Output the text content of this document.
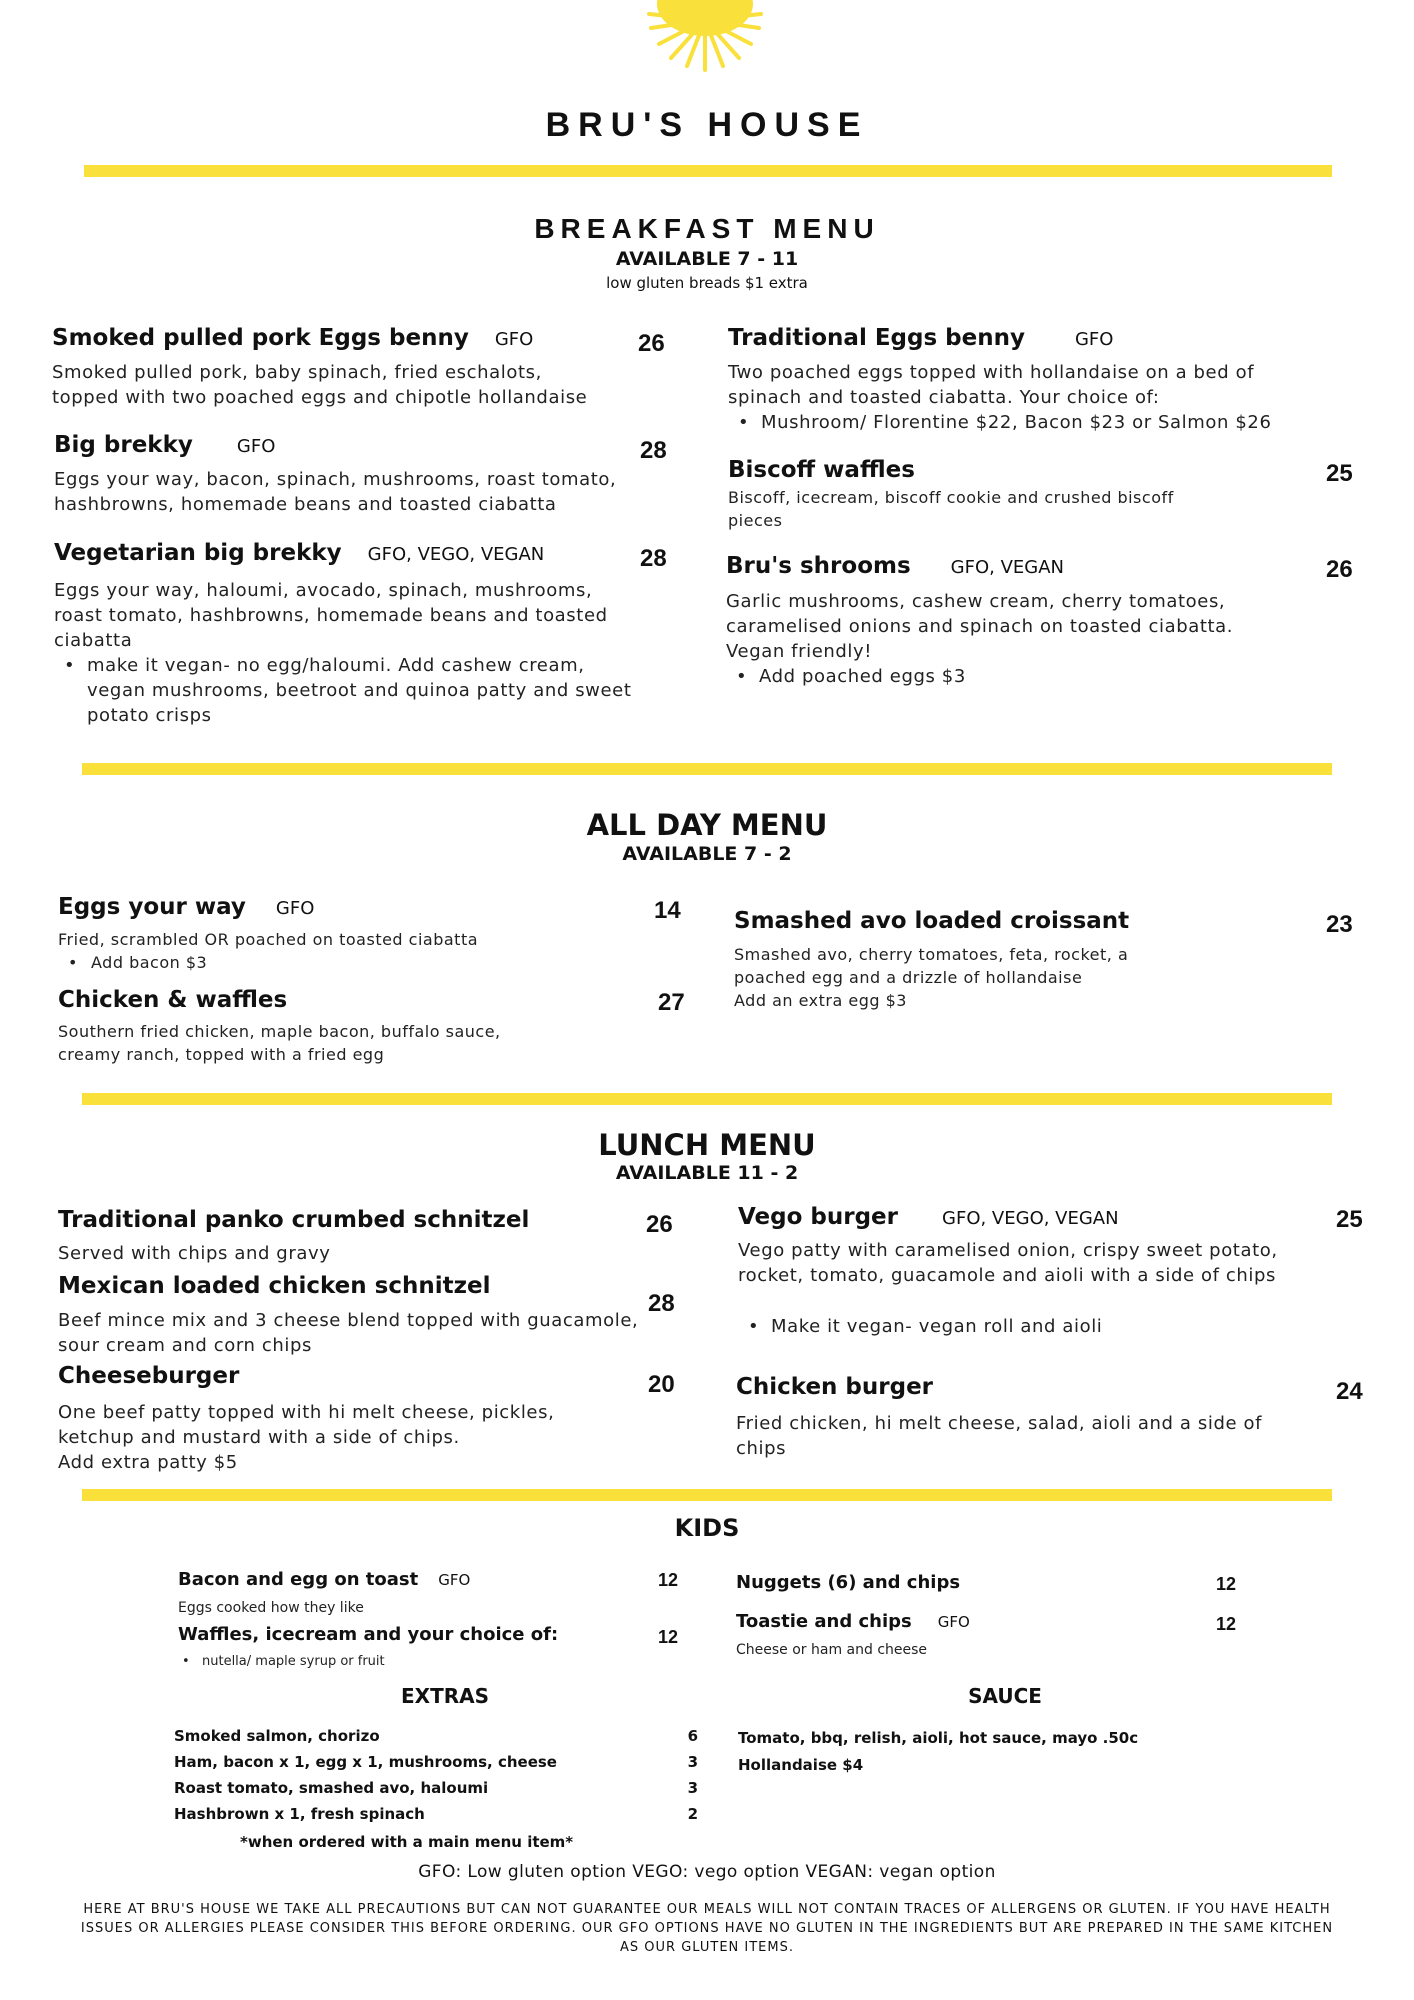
BRU'S HOUSE
BREAKFAST MENU
AVAILABLE 7 - 11
low gluten breads $1 extra
Smoked pulled pork Eggs benny GFO	26
Smoked pulled pork, baby spinach, fried eschalots, topped with two poached eggs and chipotle hollandaise
Big brekky GFO	28
Eggs your way, bacon, spinach, mushrooms, roast tomato, hashbrowns, homemade beans and toasted ciabatta
Vegetarian big brekky GFO, VEGO, VEGAN	28
Eggs your way, haloumi, avocado, spinach, mushrooms, roast tomato, hashbrowns, homemade beans and toasted ciabatta
• make it vegan- no egg/haloumi. Add cashew cream, vegan mushrooms, beetroot and quinoa patty and sweet potato crisps
Traditional Eggs benny	GFO
Two poached eggs topped with hollandaise on a bed of spinach and toasted ciabatta. Your choice of:
• Mushroom/ Florentine $22, Bacon $23 or Salmon $26
Biscoff waffles	25
Biscoff, icecream, biscoff cookie and crushed biscoff pieces
Bru's shrooms GFO, VEGAN	26
Garlic mushrooms, cashew cream, cherry tomatoes, caramelised onions and spinach on toasted ciabatta. Vegan friendly!
• Add poached eggs $3
ALL DAY MENU
AVAILABLE 7 - 2
Eggs your way GFO	14
Fried, scrambled OR poached on toasted ciabatta
• Add bacon $3
Chicken & waffles	27
Southern fried chicken, maple bacon, buffalo sauce, creamy ranch, topped with a fried egg
Smashed avo loaded croissant	23
Smashed avo, cherry tomatoes, feta, rocket, a poached egg and a drizzle of hollandaise
Add an extra egg $3
LUNCH MENU
AVAILABLE 11 - 2
Traditional panko crumbed schnitzel	26
Served with chips and gravy
Mexican loaded chicken schnitzel
28
Beef mince mix and 3 cheese blend topped with guacamole, sour cream and corn chips
Cheeseburger	20
One beef patty topped with hi melt cheese, pickles, ketchup and mustard with a side of chips.
Add extra patty $5
Vego burger GFO, VEGO, VEGAN	25
Vego patty with caramelised onion, crispy sweet potato, rocket, tomato, guacamole and aioli with a side of chips
• Make it vegan- vegan roll and aioli
Chicken burger	24
Fried chicken, hi melt cheese, salad, aioli and a side of chips
KIDS
Bacon and egg on toast GFO	12
Eggs cooked how they like
Waffles, icecream and your choice of:	12
• nutella/ maple syrup or fruit
Nuggets (6) and chips	12
Toastie and chips GFO	12
Cheese or ham and cheese
EXTRAS
Smoked salmon, chorizo	6
Ham, bacon x 1, egg x 1, mushrooms, cheese	3
Roast tomato, smashed avo, haloumi	3
Hashbrown x 1, fresh spinach	2
*when ordered with a main menu item*
SAUCE
Tomato, bbq, relish, aioli, hot sauce, mayo .50c
Hollandaise $4
GFO: Low gluten option VEGO: vego option VEGAN: vegan option
HERE AT BRU'S HOUSE WE TAKE ALL PRECAUTIONS BUT CAN NOT GUARANTEE OUR MEALS WILL NOT CONTAIN TRACES OF ALLERGENS OR GLUTEN. IF YOU HAVE HEALTH ISSUES OR ALLERGIES PLEASE CONSIDER THIS BEFORE ORDERING. OUR GFO OPTIONS HAVE NO GLUTEN IN THE INGREDIENTS BUT ARE PREPARED IN THE SAME KITCHEN AS OUR GLUTEN ITEMS.
